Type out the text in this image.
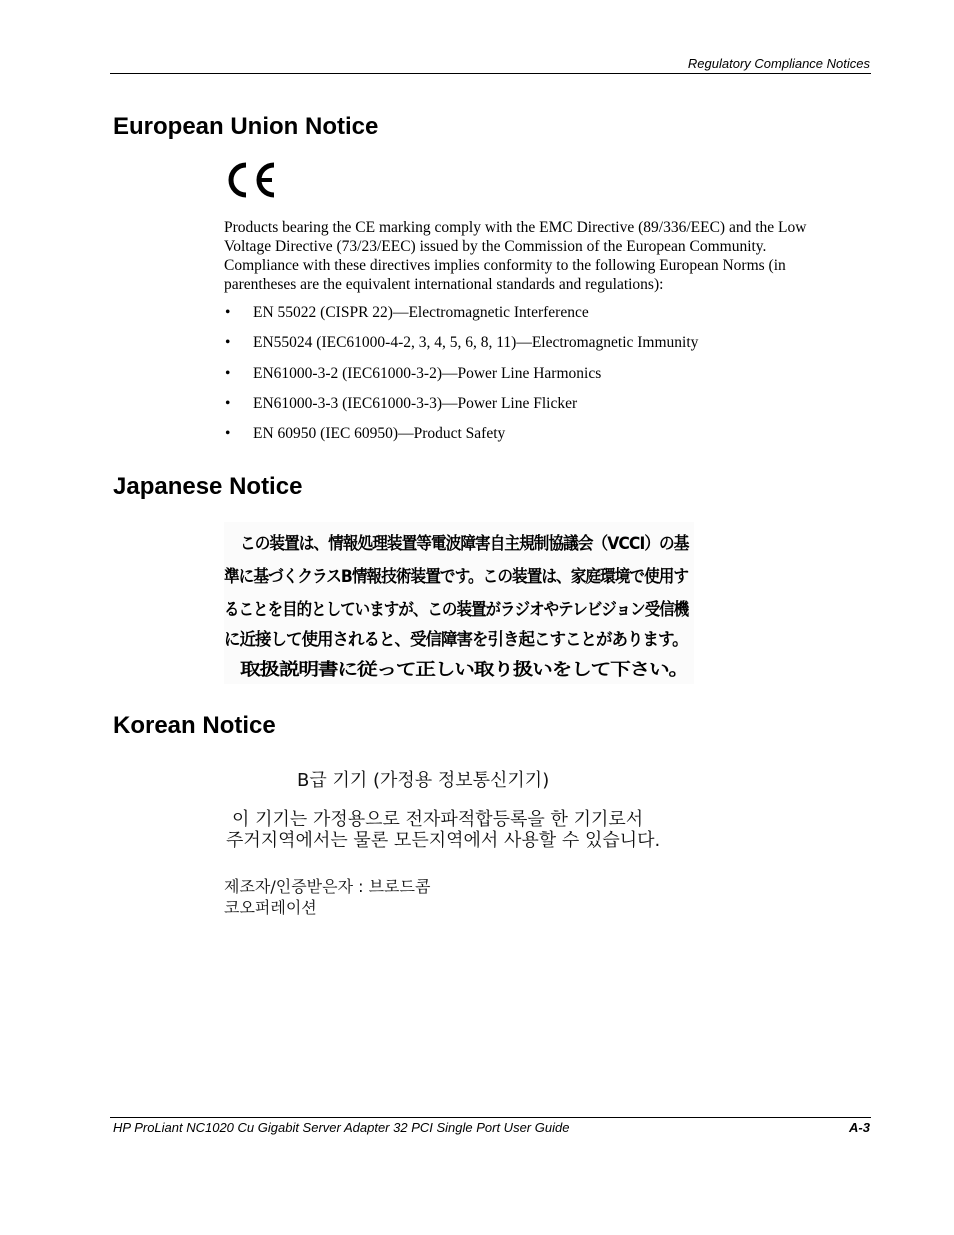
Regulatory Compliance Notices
European Union Notice

Products bearing the CE marking comply with the EMC Directive (89/336/EEC) and the Low
Voltage Directive (73/23/EEC) issued by the Commission of the European Community.
Compliance with these directives implies conformity to the following European Norms (in
parentheses are the equivalent international standards and regulations):

• EN 55022 (CISPR 22)—Electromagnetic Interference
• EN55024 (IEC61000-4-2, 3, 4, 5, 6, 8, 11)—Electromagnetic Immunity
• EN61000-3-2 (IEC61000-3-2)—Power Line Harmonics
• EN61000-3-3 (IEC61000-3-3)—Power Line Flicker
• EN 60950 (IEC 60950)—Product Safety
Japanese Notice
この装置は、情報処理装置等電波障害自主規制協議会（VCCI）の基
準に基づくクラスB情報技術装置です。この装置は、家庭環境で使用す
ることを目的としていますが、この装置がラジオやテレビジョン受信機
に近接して使用されると、受信障害を引き起こすことがあります。
取扱説明書に従って正しい取り扱いをして下さい。
Korean Notice
B급 기기 (가정용 정보통신기기)
이 기기는 가정용으로 전자파적합등록을 한 기기로서
주거지역에서는 물론 모든지역에서 사용할 수 있습니다.
제조자/인증받은자 : 브로드콤
코오퍼레이션
HP ProLiant NC1020 Cu Gigabit Server Adapter 32 PCI Single Port User Guide	A-3
